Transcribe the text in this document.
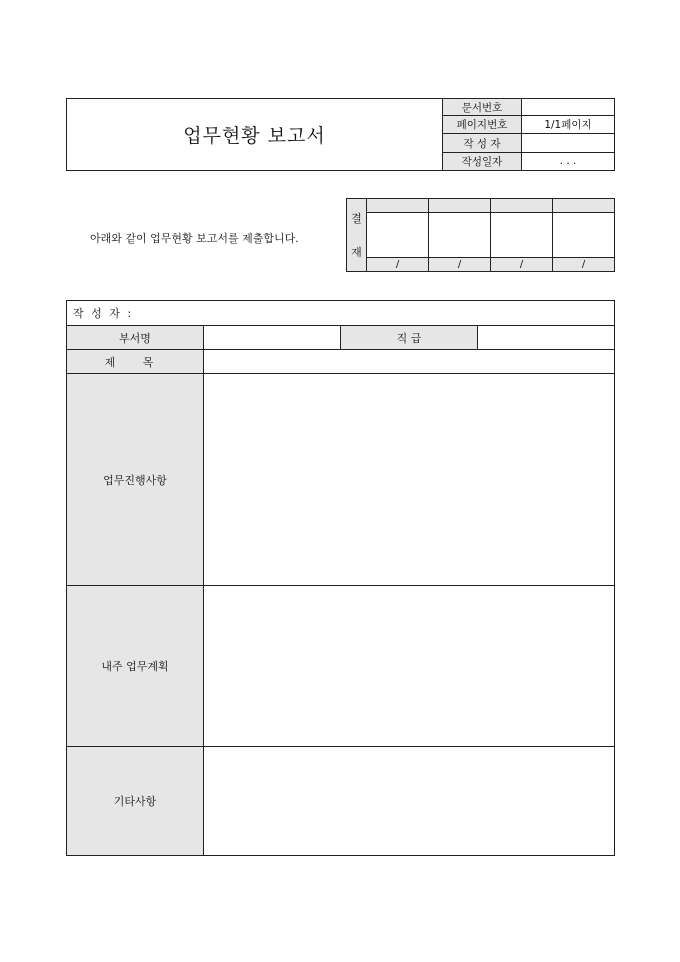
업무현황 보고서	문서번호	
	페이지번호	1/1페이지
	작 성 자	
	작성일자	. . .
아래와 같이 업무현황 보고서를 제출합니다.
결
재				

	/	/	/	/
작 성 자 :			
부서명		직 급	
제 목			
업무진행사항			
내주 업무계획			
기타사항			
